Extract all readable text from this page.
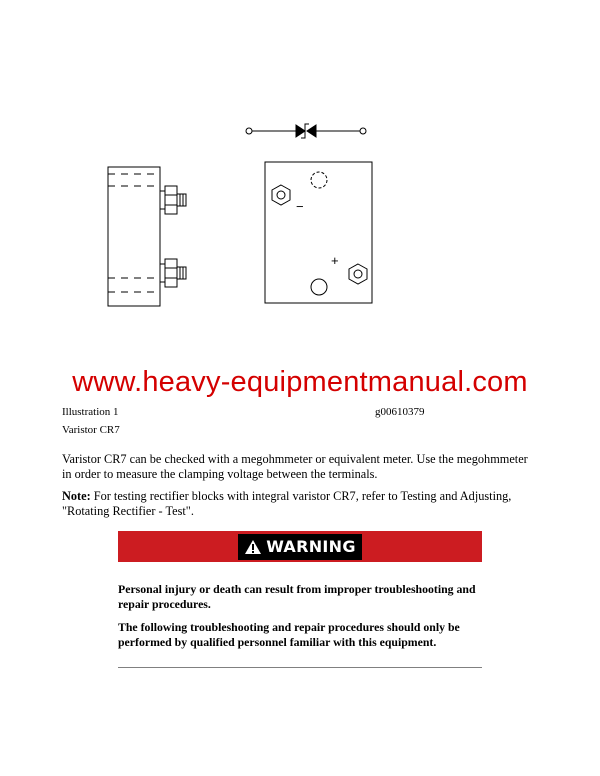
−
+
www.heavy-equipmentmanual.com
Illustration 1	g00610379
Varistor CR7
Varistor CR7 can be checked with a megohmmeter or equivalent meter. Use the megohmmeter in order to measure the clamping voltage between the terminals.
Note: For testing rectifier blocks with integral varistor CR7, refer to Testing and Adjusting, "Rotating Rectifier - Test".
WARNING
Personal injury or death can result from improper troubleshooting and repair procedures.
The following troubleshooting and repair procedures should only be performed by qualified personnel familiar with this equipment.
